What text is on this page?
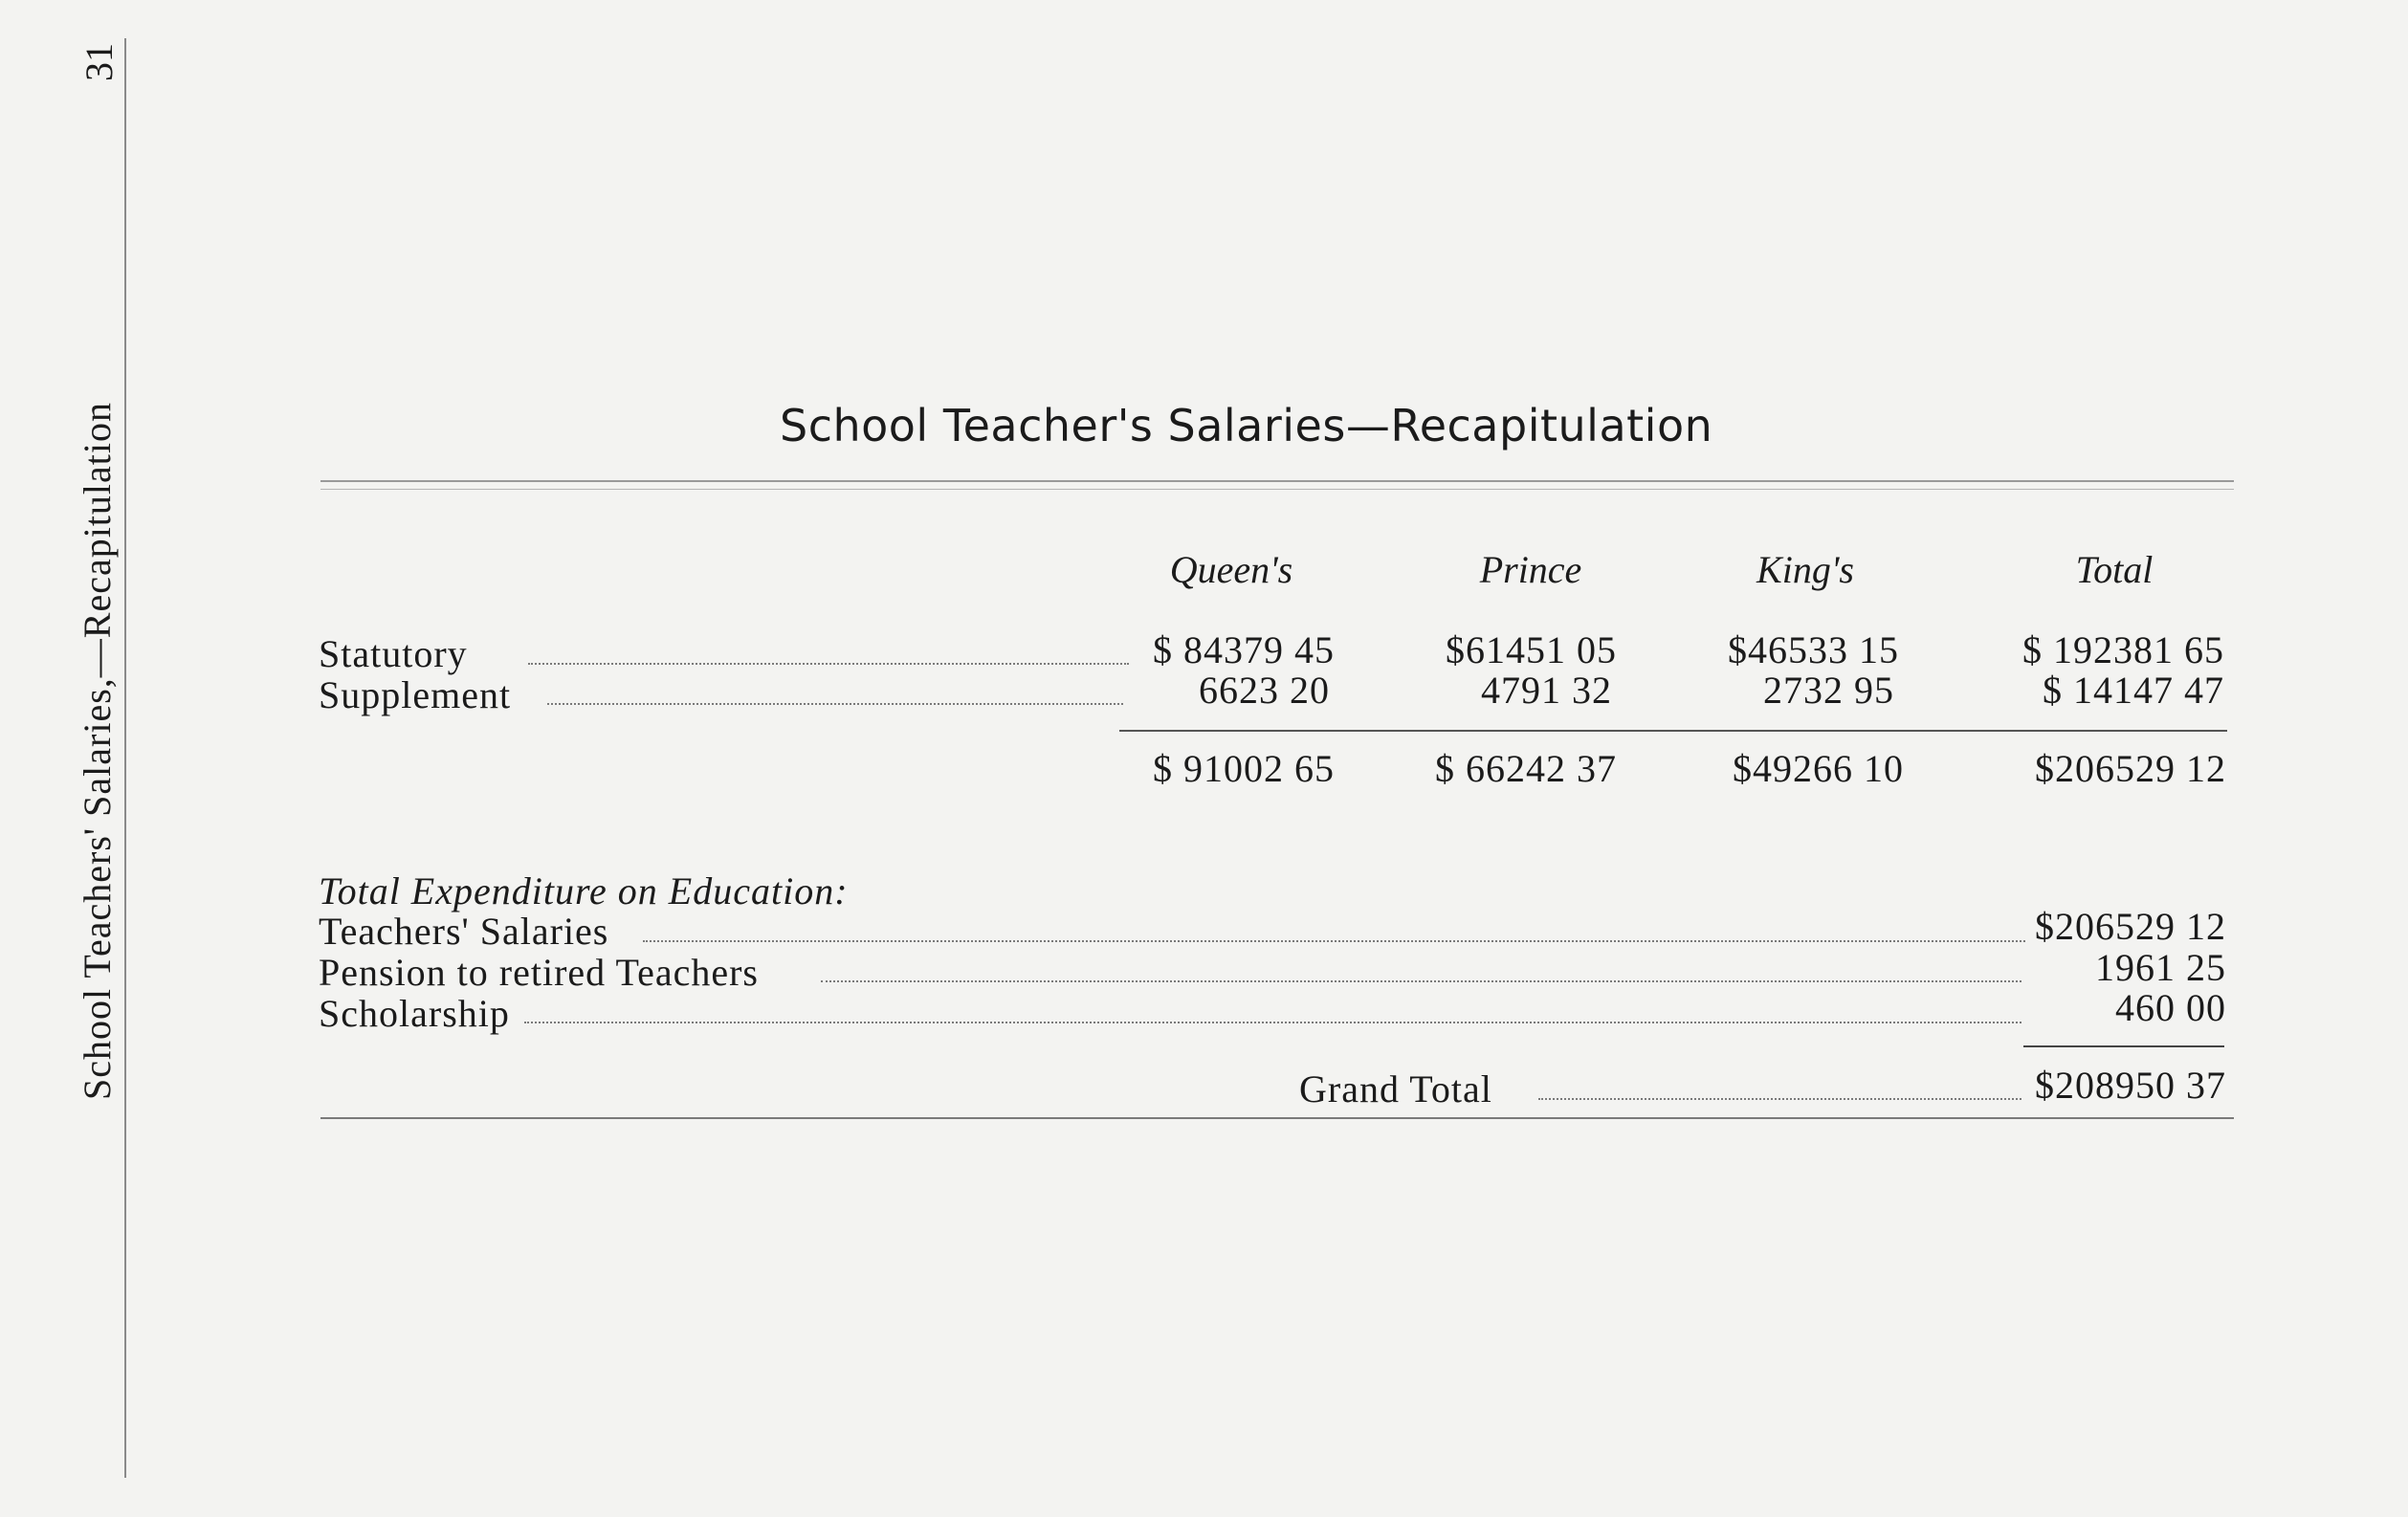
31
School Teachers' Salaries,—Recapitulation	School Teacher's Salaries—Recapitulation
Queen's	Prince	King's	Total
Statutory	$ 84379 45	$61451 05	$46533 15	$ 192381 65
Supplement	6623 20	4791 32	2732 95	$ 14147 47
$ 91002 65	$ 66242 37	$49266 10	$206529 12
Total Expenditure on Education:
Teachers' Salaries	$206529 12
Pension to retired Teachers	1961 25
Scholarship	460 00
Grand Total	$208950 37
